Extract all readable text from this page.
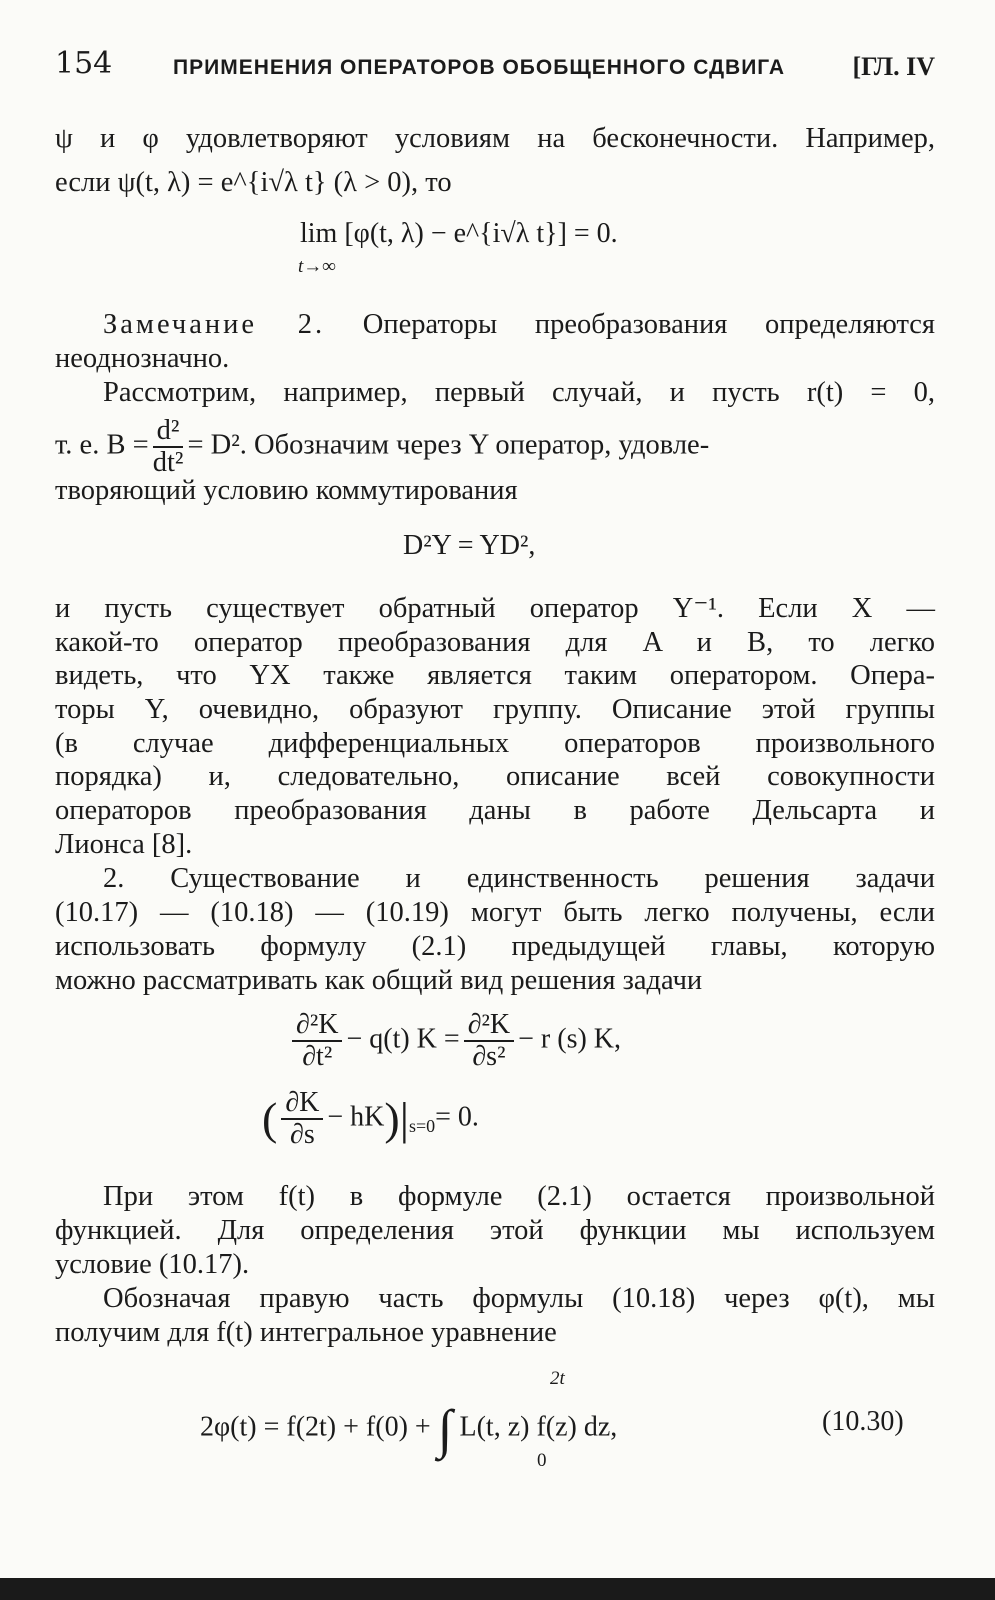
154	ПРИМЕНЕНИЯ ОПЕРАТОРОВ ОБОБЩЕННОГО СДВИГА	[ГЛ. IV
ψ и φ удовлетворяют условиям на бесконечности. Например,
если ψ(t, λ) = e^{i√λ t} (λ > 0), то
lim [φ(t, λ) − e^{i√λ t}] = 0.
t→∞
Замечание 2. Операторы преобразования определяются
неоднозначно.
Рассмотрим, например, первый случай, и пусть r(t) = 0,
т. е. $B = \frac{\text{d²}}{\text{dt²}} = D^2$. Обозначим через Y оператор, удовле-
творяющий условию коммутирования
D²Y = YD²,
и пусть существует обратный оператор Y⁻¹. Если X —
какой-то оператор преобразования для A и B, то легко
видеть, что YX также является таким оператором. Опера-
торы Y, очевидно, образуют группу. Описание этой группы
(в случае дифференциальных операторов произвольного
порядка) и, следовательно, описание всей совокупности
операторов преобразования даны в работе Дельсарта и
Лионса [8].
2. Существование и единственность решения задачи
(10.17) — (10.18) — (10.19) могут быть легко получены, если
использовать формулу (2.1) предыдущей главы, которую
можно рассматривать как общий вид решения задачи
$\frac{\text{∂²K}}{\text{∂t²}} - q(t) K = \frac{\text{∂²K}}{\text{∂s²}} - r$ (s) K,
( $\frac{\partial K}{\partial s} - hK)|_{s=0}= 0$.
При этом f(t) в формуле (2.1) остается произвольной
функцией. Для определения этой функции мы используем
условие (10.17).
Обозначая правую часть формулы (10.18) через φ(t), мы
получим для f(t) интегральное уравнение
2φ(t) = f(2t) + f(0) + ∫ L(t, z) f(z) dz,
2t
0
(10.30)
